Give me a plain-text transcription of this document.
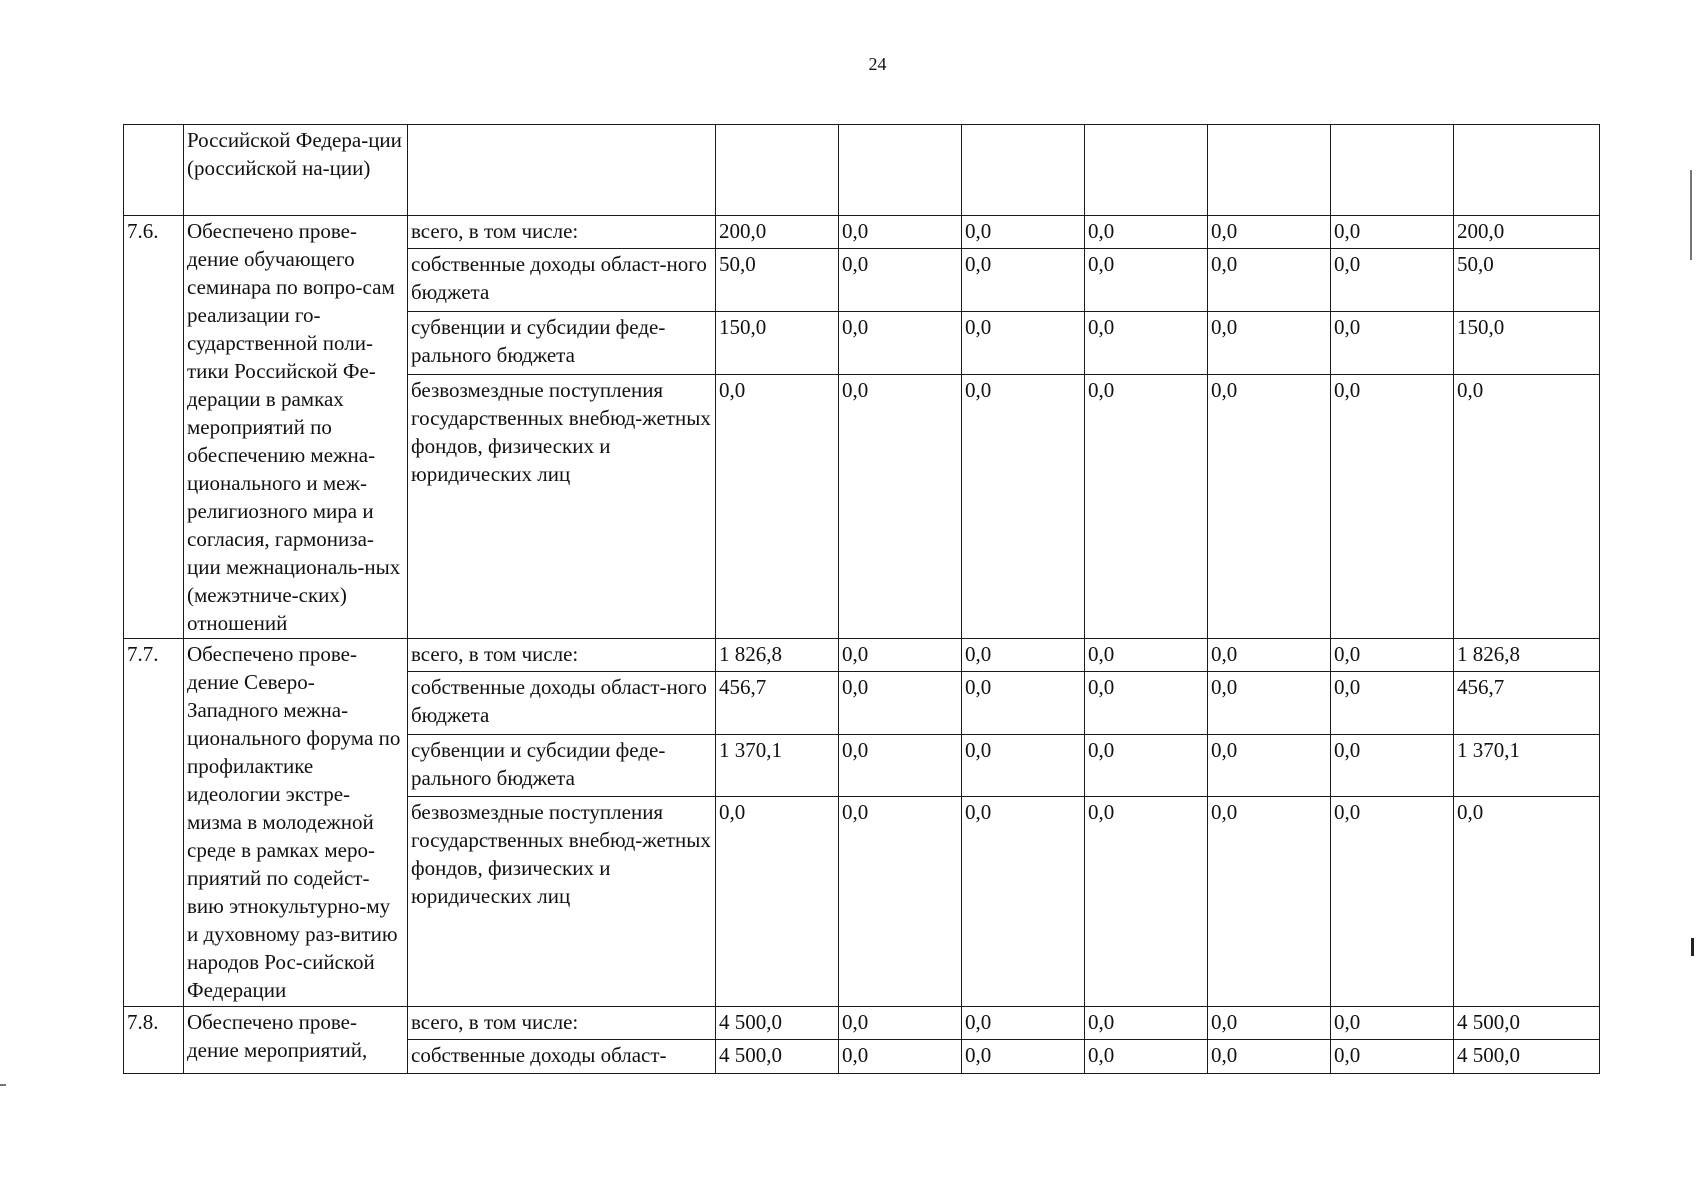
24
	Российской Федера-ции (российской на-ции)								
7.6.	Обеспечено прове-дение обучающего семинара по вопро-сам реализации го-сударственной поли-тики Российской Фе-дерации в рамках мероприятий по обеспечению межна-ционального и меж-религиозного мира и согласия, гармониза-ции межнациональ-ных (межэтниче-ских) отношений	всего, в том числе:	200,0	0,0	0,0	0,0	0,0	0,0	200,0
		собственные доходы област-ного бюджета	50,0	0,0	0,0	0,0	0,0	0,0	50,0
		субвенции и субсидии феде-рального бюджета	150,0	0,0	0,0	0,0	0,0	0,0	150,0
		безвозмездные поступления государственных внебюд-жетных фондов, физических и юридических лиц	0,0	0,0	0,0	0,0	0,0	0,0	0,0
7.7.	Обеспечено прове-дение Северо-Западного межна-ционального форума по профилактике идеологии экстре-мизма в молодежной среде в рамках меро-приятий по содейст-вию этнокультурно-му и духовному раз-витию народов Рос-сийской Федерации	всего, в том числе:	1 826,8	0,0	0,0	0,0	0,0	0,0	1 826,8
		собственные доходы област-ного бюджета	456,7	0,0	0,0	0,0	0,0	0,0	456,7
		субвенции и субсидии феде-рального бюджета	1 370,1	0,0	0,0	0,0	0,0	0,0	1 370,1
		безвозмездные поступления государственных внебюд-жетных фондов, физических и юридических лиц	0,0	0,0	0,0	0,0	0,0	0,0	0,0
7.8.	Обеспечено прове-дение мероприятий,	всего, в том числе:	4 500,0	0,0	0,0	0,0	0,0	0,0	4 500,0
		собственные доходы област-	4 500,0	0,0	0,0	0,0	0,0	0,0	4 500,0
